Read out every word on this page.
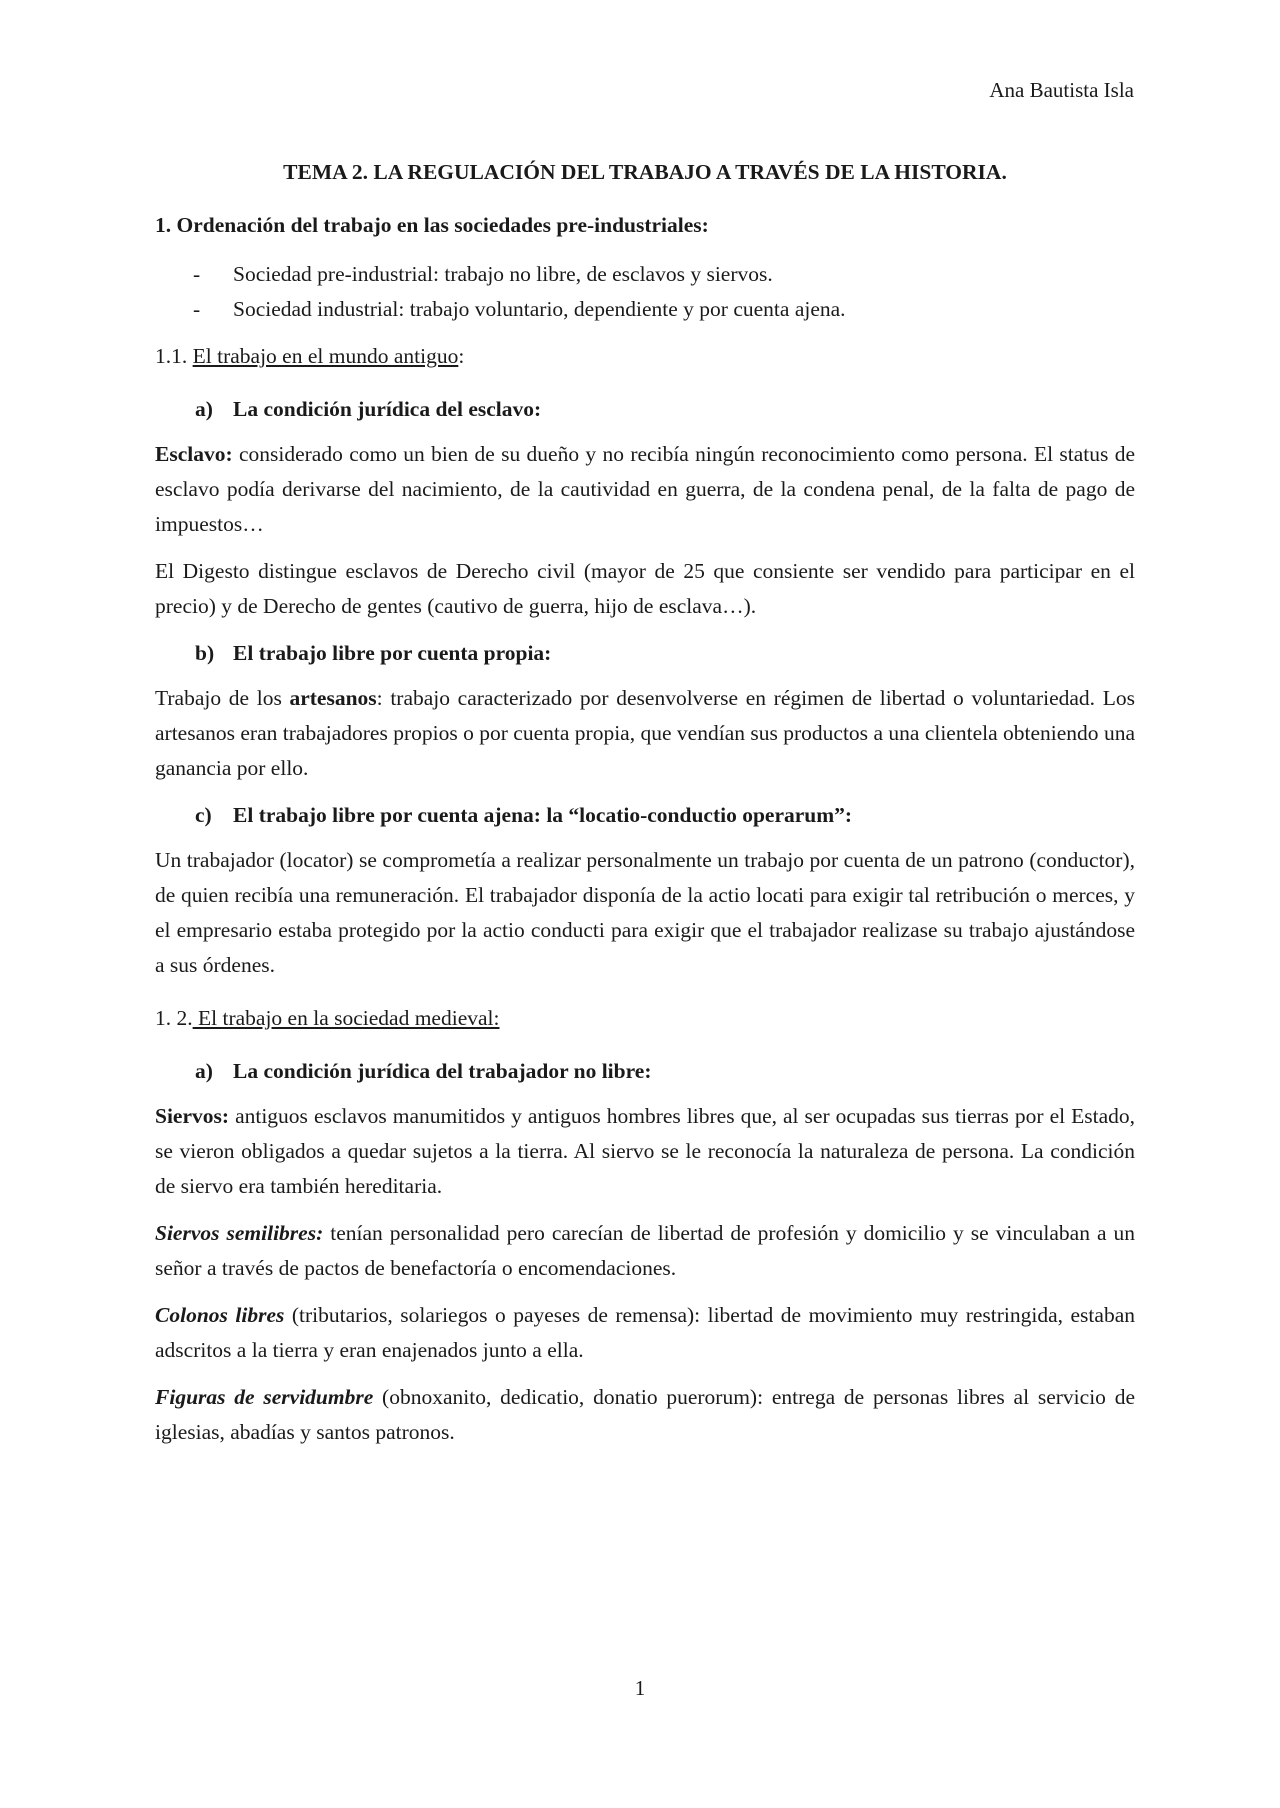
Ana Bautista Isla
TEMA 2. LA REGULACIÓN DEL TRABAJO A TRAVÉS DE LA HISTORIA.
1. Ordenación del trabajo en las sociedades pre-industriales:
- Sociedad pre-industrial: trabajo no libre, de esclavos y siervos.
- Sociedad industrial: trabajo voluntario, dependiente y por cuenta ajena.
1.1. El trabajo en el mundo antiguo:
a) La condición jurídica del esclavo:

Esclavo: considerado como un bien de su dueño y no recibía ningún reconocimiento como persona. El status de esclavo podía derivarse del nacimiento, de la cautividad en guerra, de la condena penal, de la falta de pago de impuestos…

El Digesto distingue esclavos de Derecho civil (mayor de 25 que consiente ser vendido para participar en el precio) y de Derecho de gentes (cautivo de guerra, hijo de esclava…).

b) El trabajo libre por cuenta propia:

Trabajo de los artesanos: trabajo caracterizado por desenvolverse en régimen de libertad o voluntariedad. Los artesanos eran trabajadores propios o por cuenta propia, que vendían sus productos a una clientela obteniendo una ganancia por ello.

c) El trabajo libre por cuenta ajena: la “locatio-conductio operarum”:

Un trabajador (locator) se comprometía a realizar personalmente un trabajo por cuenta de un patrono (conductor), de quien recibía una remuneración. El trabajador disponía de la actio locati para exigir tal retribución o merces, y el empresario estaba protegido por la actio conducti para exigir que el trabajador realizase su trabajo ajustándose a sus órdenes.

1. 2. El trabajo en la sociedad medieval:
a) La condición jurídica del trabajador no libre:

Siervos: antiguos esclavos manumitidos y antiguos hombres libres que, al ser ocupadas sus tierras por el Estado, se vieron obligados a quedar sujetos a la tierra. Al siervo se le reconocía la naturaleza de persona. La condición de siervo era también hereditaria.

Siervos semilibres: tenían personalidad pero carecían de libertad de profesión y domicilio y se vinculaban a un señor a través de pactos de benefactoría o encomendaciones.

Colonos libres (tributarios, solariegos o payeses de remensa): libertad de movimiento muy restringida, estaban adscritos a la tierra y eran enajenados junto a ella.

Figuras de servidumbre (obnoxanito, dedicatio, donatio puerorum): entrega de personas libres al servicio de iglesias, abadías y santos patronos.

1
